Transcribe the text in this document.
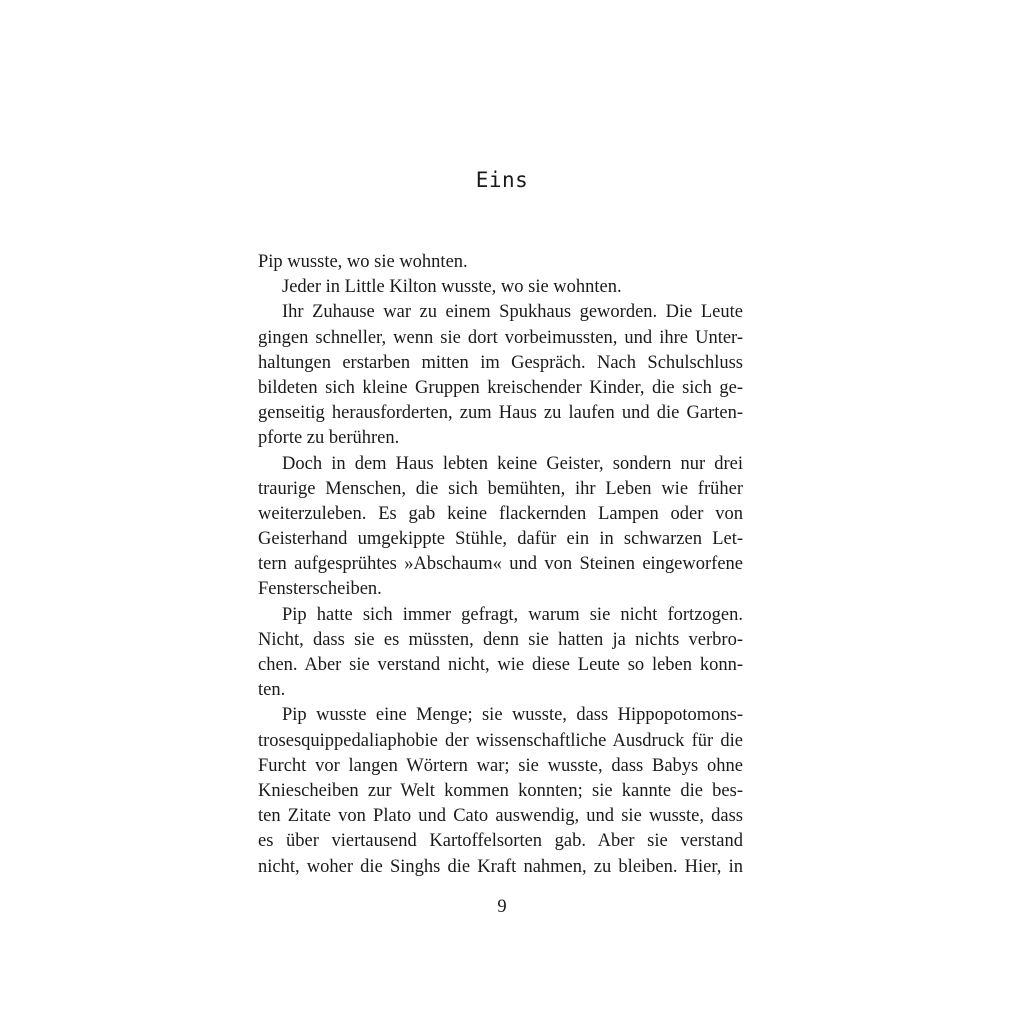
Eins

Pip wusste, wo sie wohnten.

Jeder in Little Kilton wusste, wo sie wohnten.

Ihr Zuhause war zu einem Spukhaus geworden. Die Leute
gingen schneller, wenn sie dort vorbeimussten, und ihre Unter-
haltungen erstarben mitten im Gespräch. Nach Schulschluss
bildeten sich kleine Gruppen kreischender Kinder, die sich ge-
genseitig herausforderten, zum Haus zu laufen und die Garten-
pforte zu berühren.

Doch in dem Haus lebten keine Geister, sondern nur drei
traurige Menschen, die sich bemühten, ihr Leben wie früher
weiterzuleben. Es gab keine flackernden Lampen oder von
Geisterhand umgekippte Stühle, dafür ein in schwarzen Let-
tern aufgesprühtes »Abschaum« und von Steinen eingeworfene
Fensterscheiben.

Pip hatte sich immer gefragt, warum sie nicht fortzogen.
Nicht, dass sie es müssten, denn sie hatten ja nichts verbro-
chen. Aber sie verstand nicht, wie diese Leute so leben konn-
ten.

Pip wusste eine Menge; sie wusste, dass Hippopotomons-
trosesquippedaliaphobie der wissenschaftliche Ausdruck für die
Furcht vor langen Wörtern war; sie wusste, dass Babys ohne
Kniescheiben zur Welt kommen konnten; sie kannte die bes-
ten Zitate von Plato und Cato auswendig, und sie wusste, dass
es über viertausend Kartoffelsorten gab. Aber sie verstand
nicht, woher die Singhs die Kraft nahmen, zu bleiben. Hier, in

9
